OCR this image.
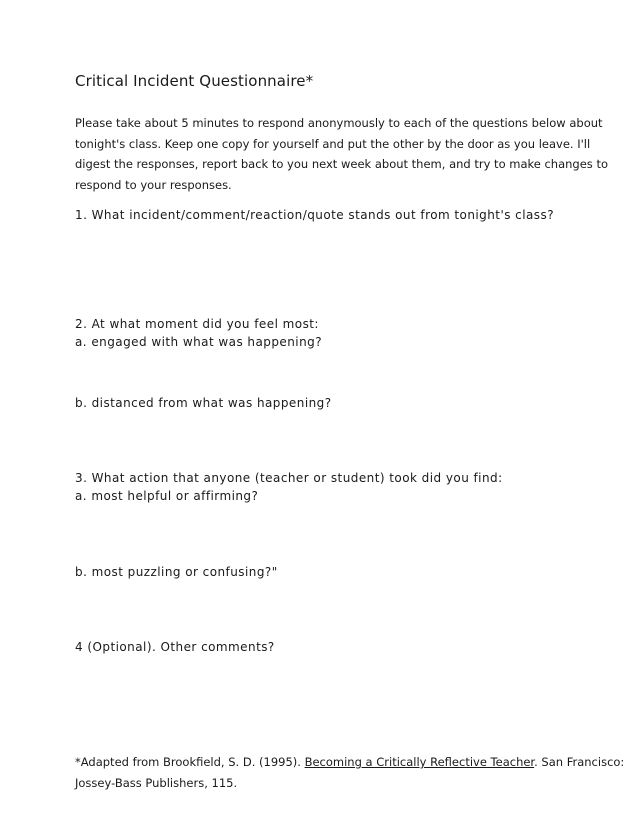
Critical Incident Questionnaire*
Please take about 5 minutes to respond anonymously to each of the questions below about
tonight's class. Keep one copy for yourself and put the other by the door as you leave. I'll
digest the responses, report back to you next week about them, and try to make changes to
respond to your responses.
1. What incident/comment/reaction/quote stands out from tonight's class?
2. At what moment did you feel most:
a. engaged with what was happening?
b. distanced from what was happening?
3. What action that anyone (teacher or student) took did you find:
a. most helpful or affirming?
b. most puzzling or confusing?"
4 (Optional). Other comments?
*Adapted from Brookfield, S. D. (1995). Becoming a Critically Reflective Teacher. San Francisco:
Jossey-Bass Publishers, 115.
